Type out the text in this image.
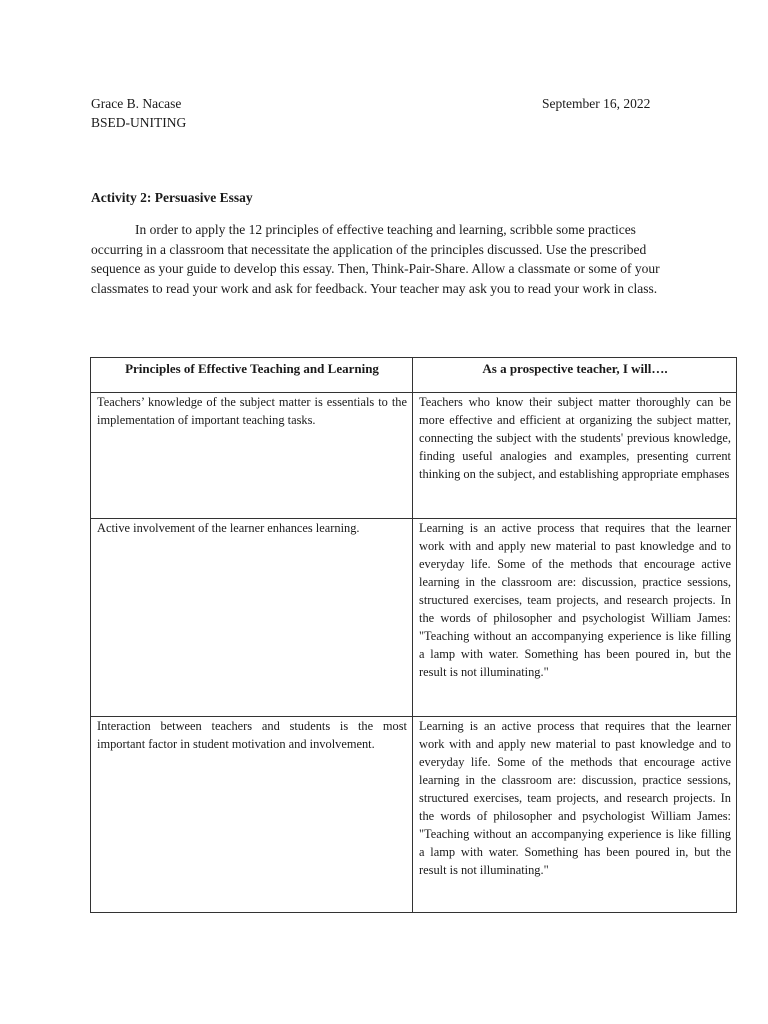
Grace B. Nacase
BSED-UNITING
September 16, 2022
Activity 2: Persuasive Essay
In order to apply the 12 principles of effective teaching and learning, scribble some practices occurring in a classroom that necessitate the application of the principles discussed. Use the prescribed sequence as your guide to develop this essay. Then, Think-Pair-Share. Allow a classmate or some of your classmates to read your work and ask for feedback. Your teacher may ask you to read your work in class.
Principles of Effective Teaching and Learning	As a prospective teacher, I will….
Teachers’ knowledge of the subject matter is essentials to the implementation of important teaching tasks.	Teachers who know their subject matter thoroughly can be more effective and efficient at organizing the subject matter, connecting the subject with the students' previous knowledge, finding useful analogies and examples, presenting current thinking on the subject, and establishing appropriate emphases
Active involvement of the learner enhances learning.	Learning is an active process that requires that the learner work with and apply new material to past knowledge and to everyday life. Some of the methods that encourage active learning in the classroom are: discussion, practice sessions, structured exercises, team projects, and research projects. In the words of philosopher and psychologist William James: "Teaching without an accompanying experience is like filling a lamp with water. Something has been poured in, but the result is not illuminating."
Interaction between teachers and students is the most important factor in student motivation and involvement.	Learning is an active process that requires that the learner work with and apply new material to past knowledge and to everyday life. Some of the methods that encourage active learning in the classroom are: discussion, practice sessions, structured exercises, team projects, and research projects. In the words of philosopher and psychologist William James: "Teaching without an accompanying experience is like filling a lamp with water. Something has been poured in, but the result is not illuminating."
